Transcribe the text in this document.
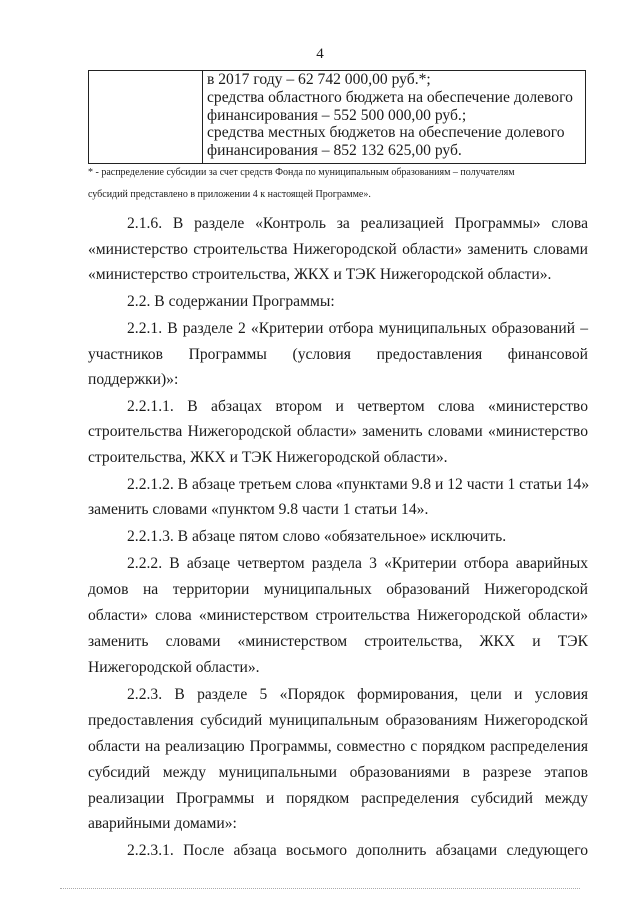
4

в 2017 году – 62 742 000,00 руб.*;
средства областного бюджета на обеспечение долевого
финансирования – 552 500 000,00 руб.;
средства местных бюджетов на обеспечение долевого
финансирования – 852 132 625,00 руб.
* - распределение субсидии за счет средств Фонда по муниципальным образованиям – получателям
субсидий представлено в приложении 4 к настоящей Программе».
2.1.6. В разделе «Контроль за реализацией Программы» слова
«министерство строительства Нижегородской области» заменить словами
«министерство строительства, ЖКХ и ТЭК Нижегородской области».
2.2. В содержании Программы:
2.2.1. В разделе 2 «Критерии отбора муниципальных образований –
участников Программы (условия предоставления финансовой
поддержки)»:
2.2.1.1. В абзацах втором и четвертом слова «министерство
строительства Нижегородской области» заменить словами «министерство
строительства, ЖКХ и ТЭК Нижегородской области».
2.2.1.2. В абзаце третьем слова «пунктами 9.8 и 12 части 1 статьи 14»
заменить словами «пунктом 9.8 части 1 статьи 14».
2.2.1.3. В абзаце пятом слово «обязательное» исключить.
2.2.2. В абзаце четвертом раздела 3 «Критерии отбора аварийных
домов на территории муниципальных образований Нижегородской
области» слова «министерством строительства Нижегородской области»
заменить словами «министерством строительства, ЖКХ и ТЭК
Нижегородской области».
2.2.3. В разделе 5 «Порядок формирования, цели и условия
предоставления субсидий муниципальным образованиям Нижегородской
области на реализацию Программы, совместно с порядком распределения
субсидий между муниципальными образованиями в разрезе этапов
реализации Программы и порядком распределения субсидий между
аварийными домами»:
2.2.3.1. После абзаца восьмого дополнить абзацами следующего
